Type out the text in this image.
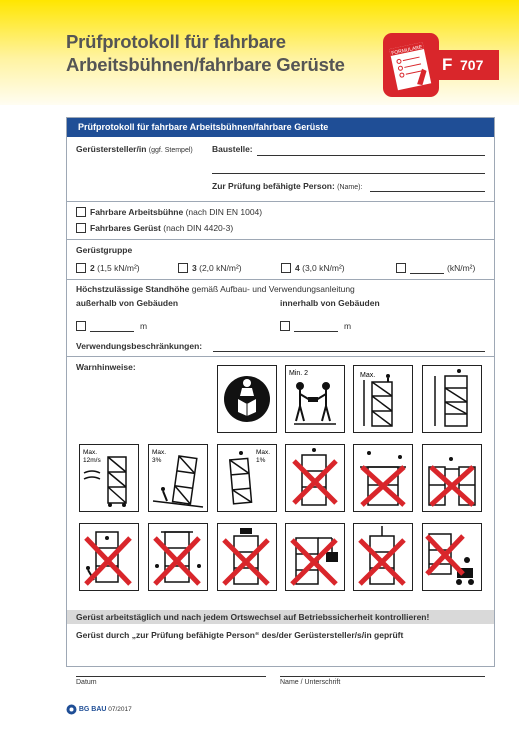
Prüfprotokoll für fahrbare
Arbeitsbühnen/fahrbare Gerüste
FORMULARE
F 707
Prüfprotokoll für fahrbare Arbeitsbühnen/fahrbare Gerüste
Gerüstersteller/in (ggf. Stempel) Baustelle:
Zur Prüfung befähigte Person: (Name):
Fahrbare Arbeitsbühne (nach DIN EN 1004)
Fahrbares Gerüst (nach DIN 4420-3)
Gerüstgruppe
2 (1,5 kN/m²)	3 (2,0 kN/m²)	4 (3,0 kN/m²)	(kN/m²)
Höchstzulässige Standhöhe gemäß Aufbau- und Verwendungsanleitung
außerhalb von Gebäuden	innerhalb von Gebäuden
m	m
Verwendungsbeschränkungen:
Warnhinweise:
Min. 2	Max.
Max.
12m/s
Max.
3%
Max.
1%
Gerüst arbeitstäglich und nach jedem Ortswechsel auf Betriebssicherheit kontrollieren!
Gerüst durch „zur Prüfung befähigte Person“ des/der Gerüstersteller/s/in geprüft
Datum	Name / Unterschrift
BG BAU 07/2017
